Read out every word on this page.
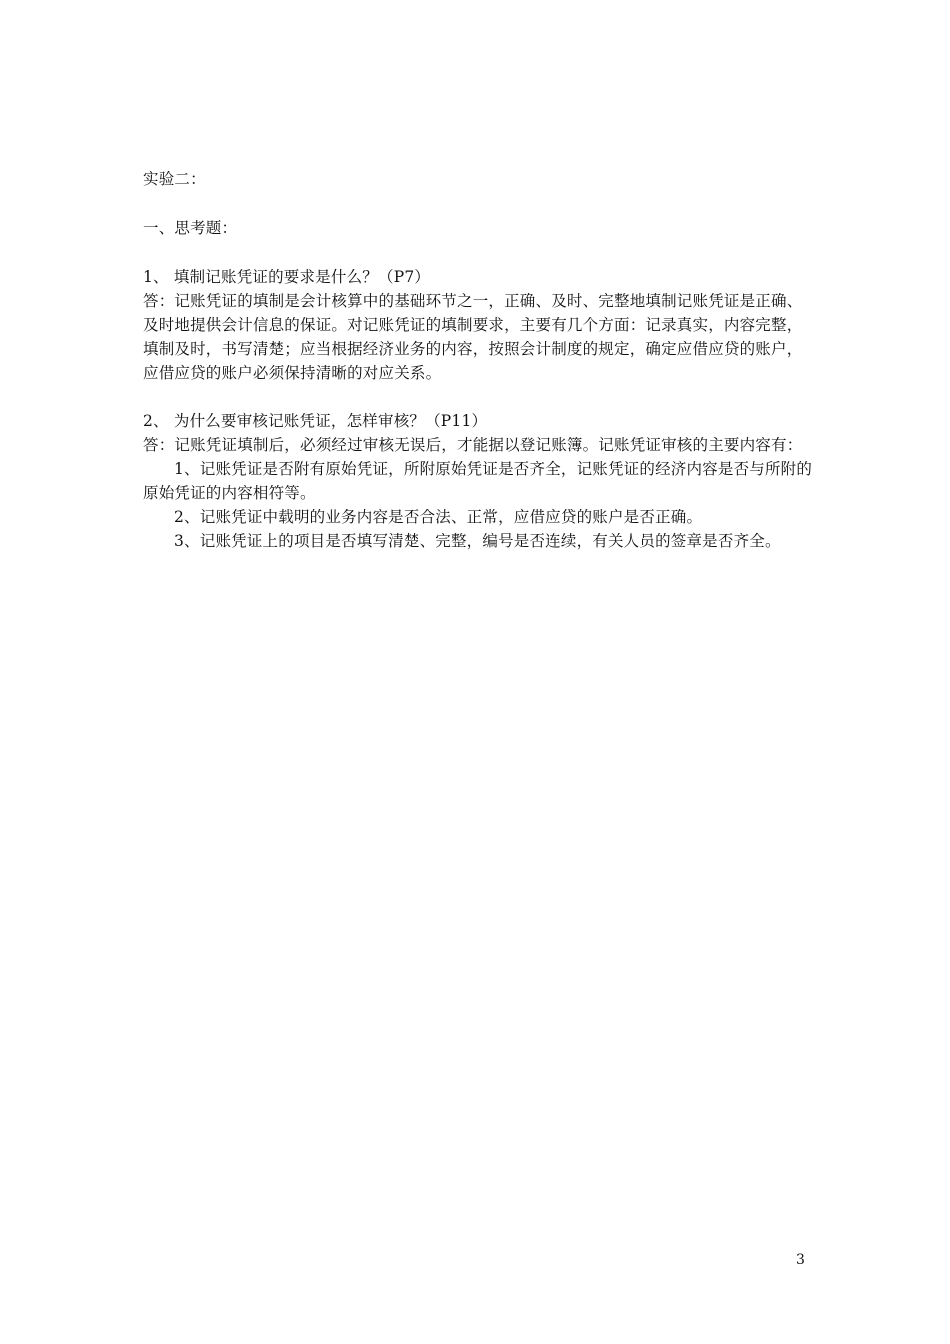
实验二：

一、思考题：

1、 填制记账凭证的要求是什么？（P7）

答：记账凭证的填制是会计核算中的基础环节之一，正确、及时、完整地填制记账凭证是正确、及时地提供会计信息的保证。对记账凭证的填制要求，主要有几个方面：记录真实，内容完整，填制及时，书写清楚；应当根据经济业务的内容，按照会计制度的规定，确定应借应贷的账户，应借应贷的账户必须保持清晰的对应关系。

2、 为什么要审核记账凭证，怎样审核？（P11）

答：记账凭证填制后，必须经过审核无误后，才能据以登记账簿。记账凭证审核的主要内容有：

1、记账凭证是否附有原始凭证，所附原始凭证是否齐全，记账凭证的经济内容是否与所附的原始凭证的内容相符等。

2、记账凭证中载明的业务内容是否合法、正常，应借应贷的账户是否正确。

3、记账凭证上的项目是否填写清楚、完整，编号是否连续，有关人员的签章是否齐全。

3
